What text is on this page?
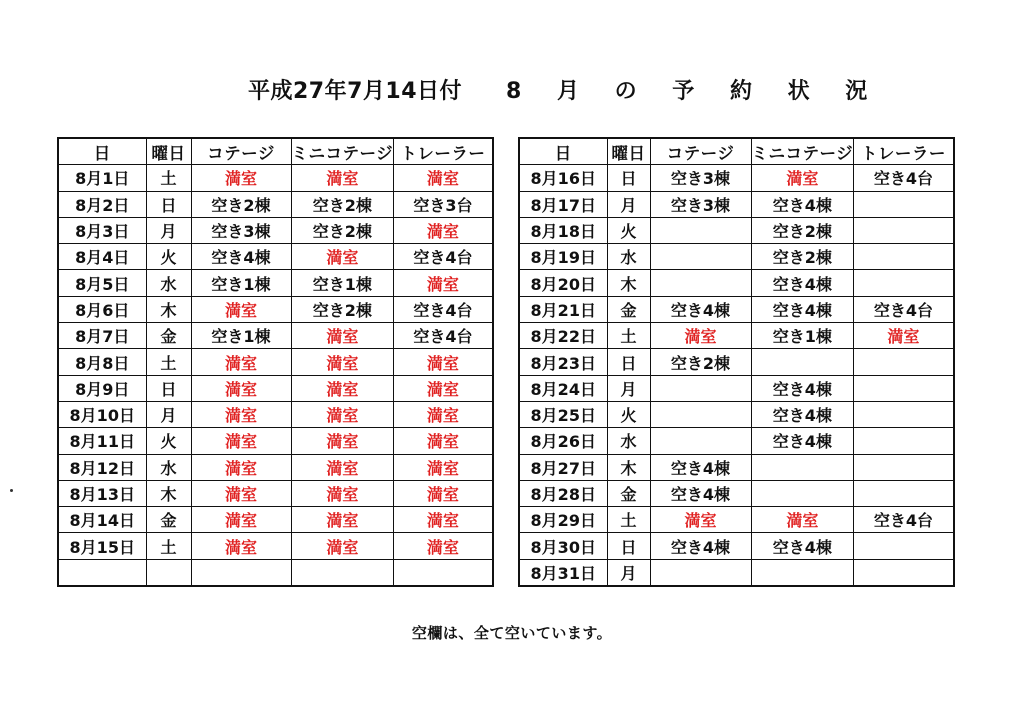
平成27年7月14日付 8 月 の 予 約 状 況
日	曜日	コテージ	ミニコテージ	トレーラー
8月1日	土	満室	満室	満室
8月2日	日	空き2棟	空き2棟	空き3台
8月3日	月	空き3棟	空き2棟	満室
8月4日	火	空き4棟	満室	空き4台
8月5日	水	空き1棟	空き1棟	満室
8月6日	木	満室	空き2棟	空き4台
8月7日	金	空き1棟	満室	空き4台
8月8日	土	満室	満室	満室
8月9日	日	満室	満室	満室
8月10日	月	満室	満室	満室
8月11日	火	満室	満室	満室
8月12日	水	満室	満室	満室
8月13日	木	満室	満室	満室
8月14日	金	満室	満室	満室
8月15日	土	満室	満室	満室

日	曜日	コテージ	ミニコテージ	トレーラー
8月16日	日	空き3棟	満室	空き4台
8月17日	月	空き3棟	空き4棟	
8月18日	火		空き2棟	
8月19日	水		空き2棟	
8月20日	木		空き4棟	
8月21日	金	空き4棟	空き4棟	空き4台
8月22日	土	満室	空き1棟	満室
8月23日	日	空き2棟		
8月24日	月		空き4棟	
8月25日	火		空き4棟	
8月26日	水		空き4棟	
8月27日	木	空き4棟		
8月28日	金	空き4棟		
8月29日	土	満室	満室	空き4台
8月30日	日	空き4棟	空き4棟	
8月31日	月			
空欄は、全て空いています。
